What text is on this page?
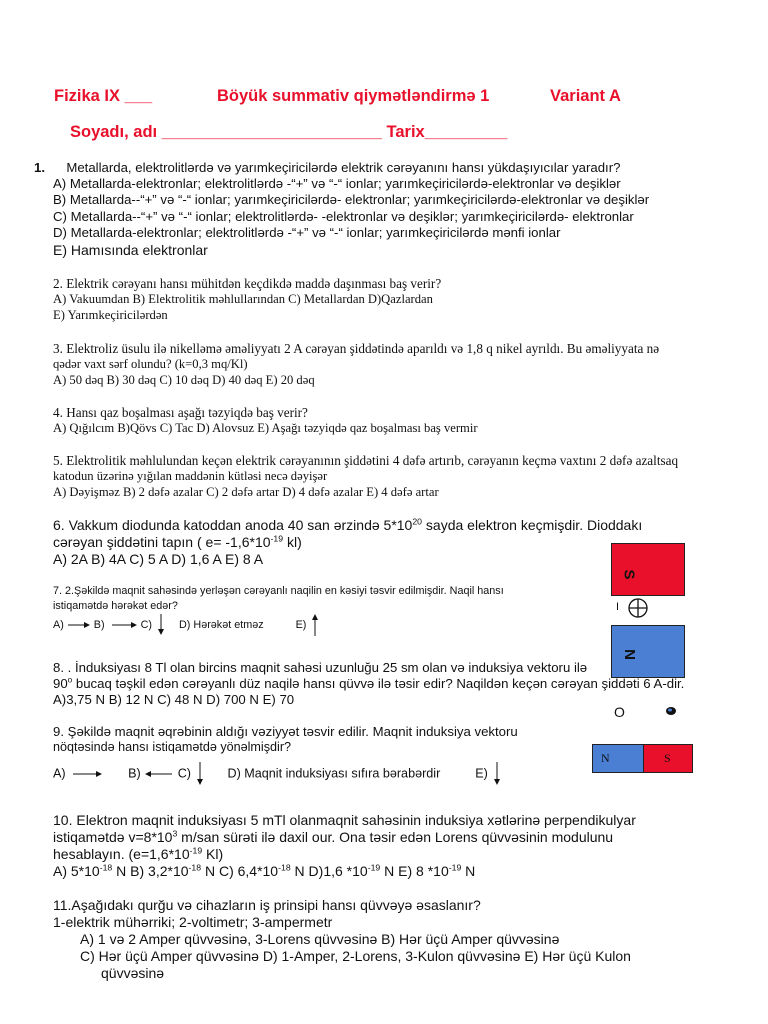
Fizika IX ___	Böyük summativ qiymətləndirmə 1	Variant A
Soyadı, adı ________________________ Tarix_________
1. Metallarda, elektrolitlərdə və yarımkeçiricilərdə elektrik cərəyanını hansı yükdaşıyıcılar yaradır?
A) Metallarda-elektronlar; elektrolitlərdə -“+” və “-“ ionlar; yarımkeçiricilərdə-elektronlar və deşiklər
B) Metallarda--“+” və “-“ ionlar; yarımkeçiricilərdə- elektronlar; yarımkeçiricilərdə-elektronlar və deşiklər
C) Metallarda--“+” və “-“ ionlar; elektrolitlərdə- -elektronlar və deşiklər; yarımkeçiricilərdə- elektronlar
D) Metallarda-elektronlar; elektrolitlərdə -“+” və “-“ ionlar; yarımkeçiricilərdə mənfi ionlar
E) Hamısında elektronlar
2. Elektrik cərəyanı hansı mühitdən keçdikdə maddə daşınması baş verir?
A) Vakuumdan B) Elektrolitik məhlullarından C) Metallardan D)Qazlardan
E) Yarımkeçiricilərdən
3. Elektroliz üsulu ilə nikelləmə əməliyyatı 2 A cərəyan şiddətində aparıldı və 1,8 q nikel ayrıldı. Bu əməliyyata nə
qədər vaxt sərf olundu? (k=0,3 mq/Kl)
A) 50 dəq B) 30 dəq C) 10 dəq D) 40 dəq E) 20 dəq
4. Hansı qaz boşalması aşağı təzyiqdə baş verir?
A) Qığılcım B)Qövs C) Tac D) Alovsuz E) Aşağı təzyiqdə qaz boşalması baş vermir
5. Elektrolitik məhlulundan keçən elektrik cərəyanının şiddətini 4 dəfə artırıb, cərəyanın keçmə vaxtını 2 dəfə azaltsaq
katodun üzərinə yığılan maddənin kütləsi necə dəyişər
A) Dəyişməz B) 2 dəfə azalar C) 2 dəfə artar D) 4 dəfə azalar E) 4 dəfə artar
6. Vakkum diodunda katoddan anoda 40 san ərzində $5*10^{20}$ sayda elektron keçmişdir. Dioddakı
cərəyan şiddətini tapın ( $e= -1,6*10^{-19}$ kl)
A) 2A B) 4A C) 5 A D) 1,6 A E) 8 A
S
I
7. 2.Şəkildə maqnit sahəsində yerləşən cərəyanlı naqilin en kəsiyi təsvir edilmişdir. Naqil hansı
istiqamətdə hərəkət edər?
A)	B)	C)	D) Hərəkət etməz	E)
N
8. . İnduksiyası 8 Tl olan bircins maqnit sahəsi uzunluğu 25 sm olan və induksiya vektoru ilə
90$^o$ bucaq təşkil edən cərəyanlı düz naqilə hansı qüvvə ilə təsir edir? Naqildən keçən cərəyan şiddəti 6 A-dir.
A)3,75 N B) 12 N C) 48 N D) 700 N E) 70
O
9. Şəkildə maqnit əqrəbinin aldığı vəziyyət təsvir edilir. Maqnit induksiya vektoru
nöqtəsində hansı istiqamətdə yönəlmişdir?
A)	B)	C)	D) Maqnit induksiyası sıfıra bərabərdir	E)
N	S
10. Elektron maqnit induksiyası 5 mTl olanmaqnit sahəsinin induksiya xətlərinə perpendikulyar
istiqamətdə $v=8*10^3$ m/san sürəti ilə daxil our. Ona təsir edən Lorens qüvvəsinin modulunu
hesablayın. ($e=1,6*10^{-19}$ Kl)
A) $5*10^{-18}$ N B) $3,2*10^{-18}$ N C) $6,4*10^{-18}$ N D)1,6 $*10^{-19}$ N E) 8 $*10^{-19}$ N
11.Aşağıdakı qurğu və cihazların iş prinsipi hansı qüvvəyə əsaslanır?
1-elektrik mühərriki; 2-voltimetr; 3-ampermetr
A) 1 və 2 Amper qüvvəsinə, 3-Lorens qüvvəsinə B) Hər üçü Amper qüvvəsinə
C) Hər üçü Amper qüvvəsinə D) 1-Amper, 2-Lorens, 3-Kulon qüvvəsinə E) Hər üçü Kulon
qüvvəsinə
